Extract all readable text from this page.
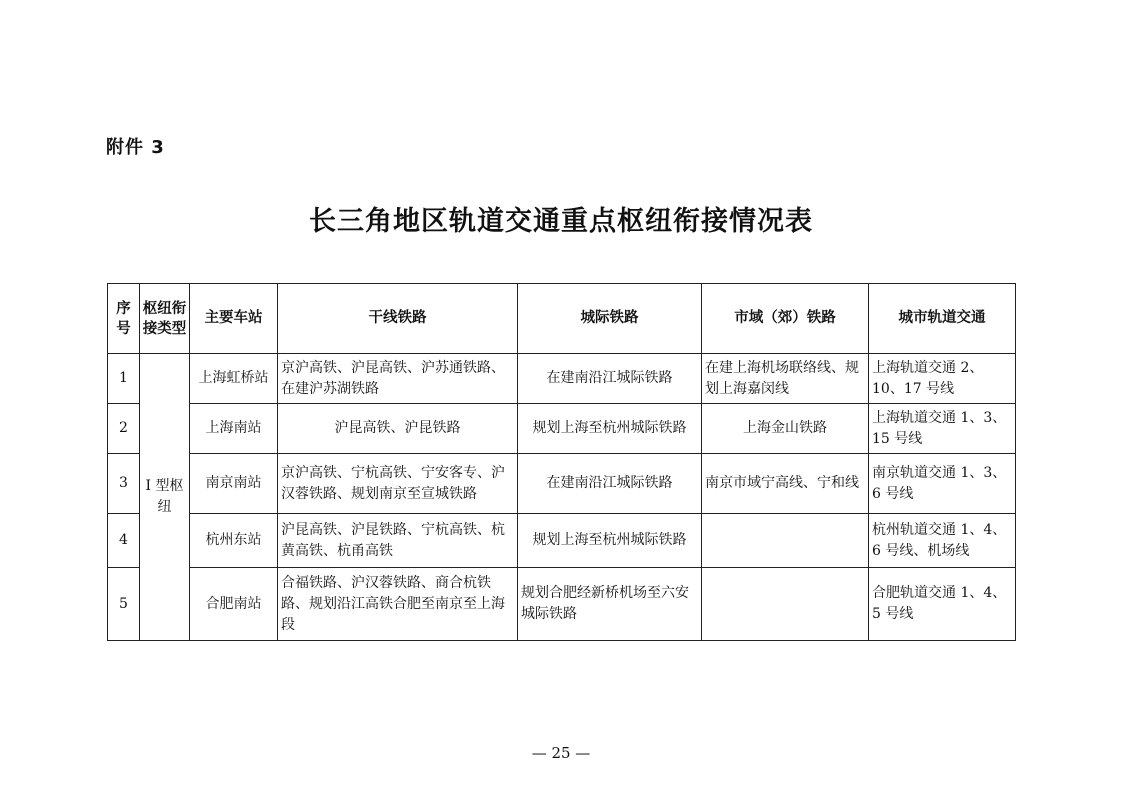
附件 3
长三角地区轨道交通重点枢纽衔接情况表
序号	枢纽衔接类型	主要车站	干线铁路	城际铁路	市域（郊）铁路	城市轨道交通
1	I 型枢纽	上海虹桥站	京沪高铁、沪昆高铁、沪苏通铁路、在建沪苏湖铁路	在建南沿江城际铁路	在建上海机场联络线、规划上海嘉闵线	上海轨道交通 2、10、17 号线
2		上海南站	沪昆高铁、沪昆铁路	规划上海至杭州城际铁路	上海金山铁路	上海轨道交通 1、3、15 号线
3		南京南站	京沪高铁、宁杭高铁、宁安客专、沪汉蓉铁路、规划南京至宣城铁路	在建南沿江城际铁路	南京市域宁高线、宁和线	南京轨道交通 1、3、6 号线
4		杭州东站	沪昆高铁、沪昆铁路、宁杭高铁、杭黄高铁、杭甬高铁	规划上海至杭州城际铁路		杭州轨道交通 1、4、6 号线、机场线
5		合肥南站	合福铁路、沪汉蓉铁路、商合杭铁路、规划沿江高铁合肥至南京至上海段	规划合肥经新桥机场至六安城际铁路		合肥轨道交通 1、4、5 号线
— 25 —
